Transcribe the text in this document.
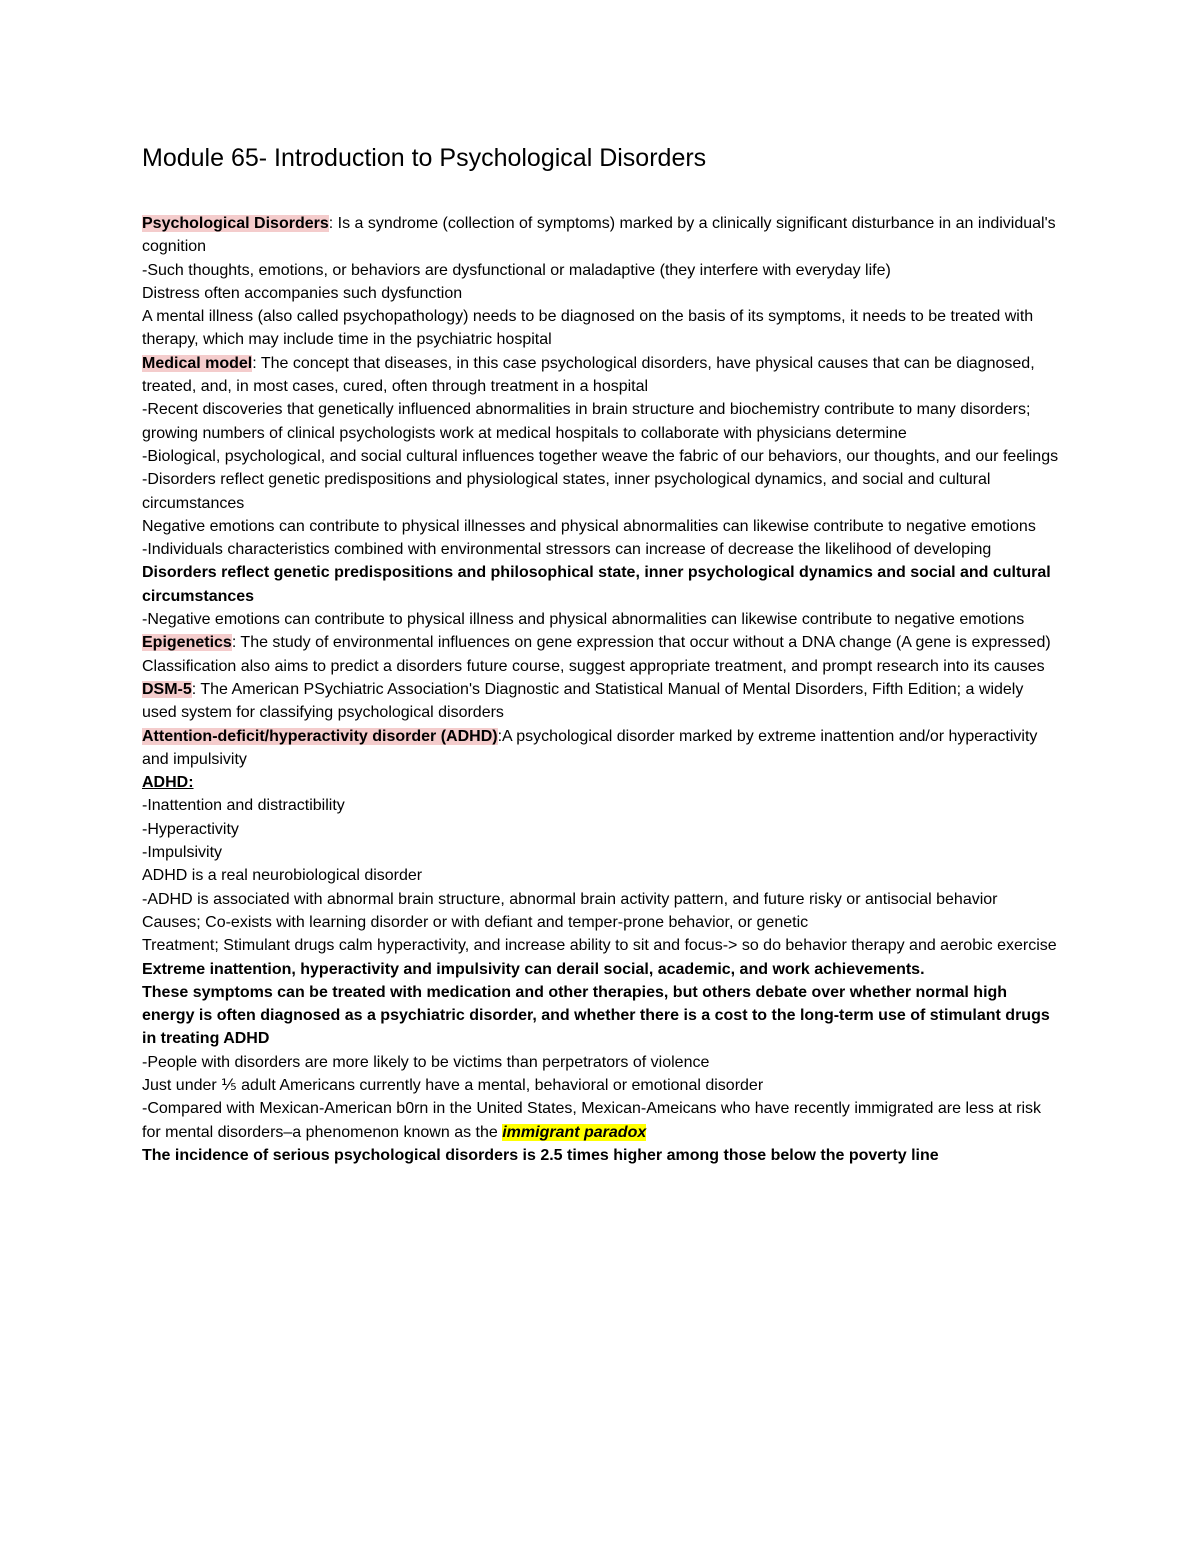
Module 65- Introduction to Psychological Disorders

Psychological Disorders: Is a syndrome (collection of symptoms) marked by a clinically significant disturbance in an individual's cognition

-Such thoughts, emotions, or behaviors are dysfunctional or maladaptive (they interfere with everyday life)

Distress often accompanies such dysfunction

A mental illness (also called psychopathology) needs to be diagnosed on the basis of its symptoms, it needs to be treated with therapy, which may include time in the psychiatric hospital

Medical model: The concept that diseases, in this case psychological disorders, have physical causes that can be diagnosed, treated, and, in most cases, cured, often through treatment in a hospital

-Recent discoveries that genetically influenced abnormalities in brain structure and biochemistry contribute to many disorders; growing numbers of clinical psychologists work at medical hospitals to collaborate with physicians determine

-Biological, psychological, and social cultural influences together weave the fabric of our behaviors, our thoughts, and our feelings

-Disorders reflect genetic predispositions and physiological states, inner psychological dynamics, and social and cultural circumstances

Negative emotions can contribute to physical illnesses and physical abnormalities can likewise contribute to negative emotions

-Individuals characteristics combined with environmental stressors can increase of decrease the likelihood of developing

Disorders reflect genetic predispositions and philosophical state, inner psychological dynamics and social and cultural circumstances

-Negative emotions can contribute to physical illness and physical abnormalities can likewise contribute to negative emotions

Epigenetics: The study of environmental influences on gene expression that occur without a DNA change (A gene is expressed)

Classification also aims to predict a disorders future course, suggest appropriate treatment, and prompt research into its causes

DSM-5: The American PSychiatric Association's Diagnostic and Statistical Manual of Mental Disorders, Fifth Edition; a widely used system for classifying psychological disorders

Attention-deficit/hyperactivity disorder (ADHD):A psychological disorder marked by extreme inattention and/or hyperactivity and impulsivity

ADHD:

-Inattention and distractibility

-Hyperactivity

-Impulsivity

ADHD is a real neurobiological disorder

-ADHD is associated with abnormal brain structure, abnormal brain activity pattern, and future risky or antisocial behavior

Causes; Co-exists with learning disorder or with defiant and temper-prone behavior, or genetic

Treatment; Stimulant drugs calm hyperactivity, and increase ability to sit and focus-> so do behavior therapy and aerobic exercise

Extreme inattention, hyperactivity and impulsivity can derail social, academic, and work achievements.

These symptoms can be treated with medication and other therapies, but others debate over whether normal high energy is often diagnosed as a psychiatric disorder, and whether there is a cost to the long-term use of stimulant drugs in treating ADHD

-People with disorders are more likely to be victims than perpetrators of violence

Just under ⅕ adult Americans currently have a mental, behavioral or emotional disorder

-Compared with Mexican-American b0rn in the United States, Mexican-Ameicans who have recently immigrated are less at risk for mental disorders–a phenomenon known as the immigrant paradox

The incidence of serious psychological disorders is 2.5 times higher among those below the poverty line
